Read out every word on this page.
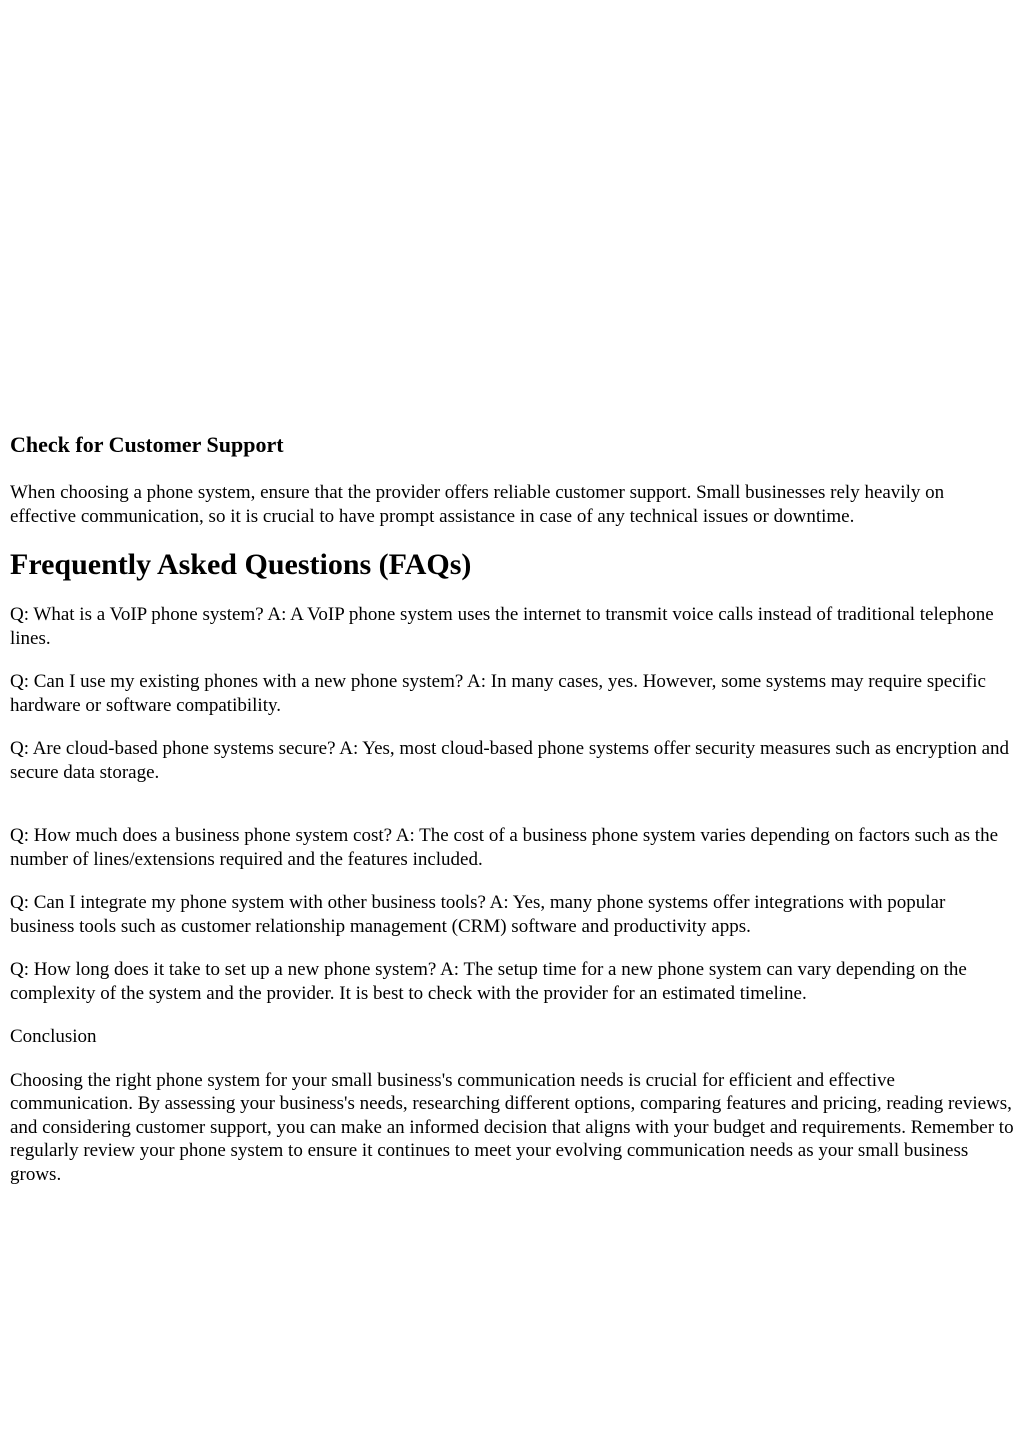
Check for Customer Support

When choosing a phone system, ensure that the provider offers reliable customer support. Small businesses rely heavily on effective communication, so it is crucial to have prompt assistance in case of any technical issues or downtime.

Frequently Asked Questions (FAQs)

Q: What is a VoIP phone system? A: A VoIP phone system uses the internet to transmit voice calls instead of traditional telephone lines.

Q: Can I use my existing phones with a new phone system? A: In many cases, yes. However, some systems may require specific hardware or software compatibility.

Q: Are cloud-based phone systems secure? A: Yes, most cloud-based phone systems offer security measures such as encryption and secure data storage.

Q: How much does a business phone system cost? A: The cost of a business phone system varies depending on factors such as the number of lines/extensions required and the features included.

Q: Can I integrate my phone system with other business tools? A: Yes, many phone systems offer integrations with popular business tools such as customer relationship management (CRM) software and productivity apps.

Q: How long does it take to set up a new phone system? A: The setup time for a new phone system can vary depending on the complexity of the system and the provider. It is best to check with the provider for an estimated timeline.

Conclusion

Choosing the right phone system for your small business's communication needs is crucial for efficient and effective communication. By assessing your business's needs, researching different options, comparing features and pricing, reading reviews, and considering customer support, you can make an informed decision that aligns with your budget and requirements. Remember to regularly review your phone system to ensure it continues to meet your evolving communication needs as your small business grows.
